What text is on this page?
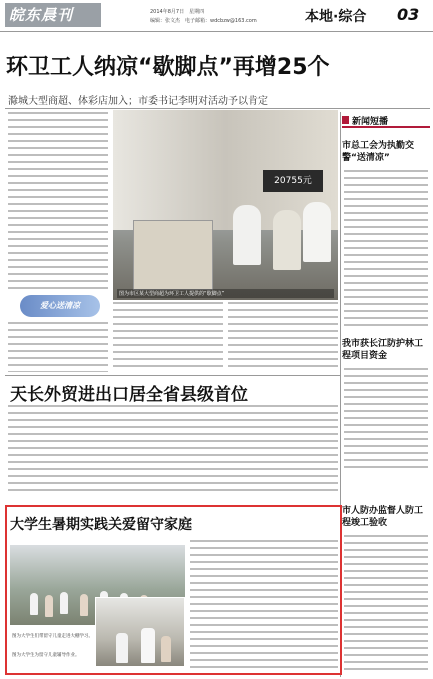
皖东晨刊	2014年8月7日　星期四
编辑：张文杰　电子邮箱：wdcbzw@163.com	本地·综合 03
环卫工人纳凉“歇脚点”再增25个
滁城大型商超、体彩店加入；市委书记李明对活动予以肯定
20755元
图为市区某大型商超为环卫工人提供的“歇脚点”
爱心送清凉
新闻短播
市总工会为执勤交警“送清凉”
我市获长江防护林工程项目资金
市人防办监督人防工程竣工验收
天长外贸进出口居全省县级首位
大学生暑期实践关爱留守家庭
图为大学生们带留守儿童走进大棚学习。
图为大学生为留守儿童辅导作业。
